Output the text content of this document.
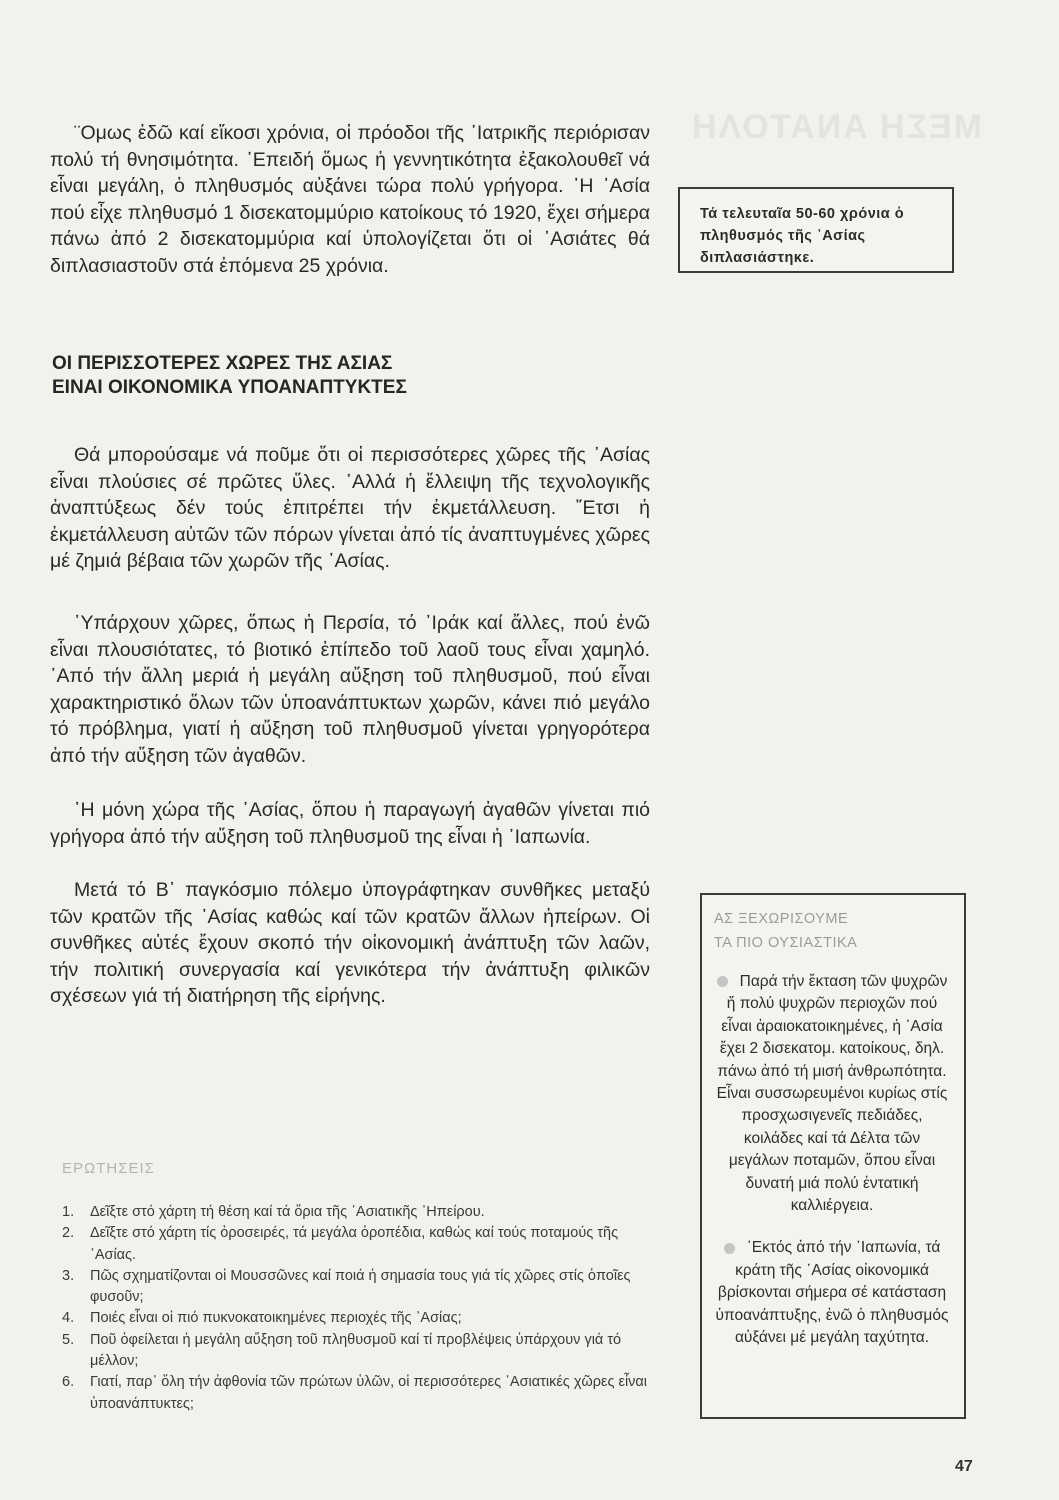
ΜΕΣΗ ΑΝΑΤΟΛΗ

¨Ομως ἐδῶ καί εἴκοσι χρόνια, οἱ πρόοδοι τῆς ᾽Ιατρικῆς περιόρισαν πολύ τή θνησιμότητα. ᾽Επειδή ὅμως ἡ γεννητικότητα ἐξακολουθεῖ νά εἶναι μεγάλη, ὁ πληθυσμός αὐξάνει τώρα πολύ γρήγορα. ᾽Η ᾽Ασία πού εἶχε πληθυσμό 1 δισεκατομμύριο κατοίκους τό 1920, ἔχει σήμερα πάνω ἀπό 2 δισεκατομμύρια καί ὑπολογίζεται ὅτι οἱ ᾽Ασιάτες θά διπλασιαστοῦν στά ἐπόμενα 25 χρόνια.

Τά τελευταῖα 50-60 χρόνια ὁ πληθυσμός τῆς ᾽Ασίας διπλασιάστηκε.
ΟΙ ΠΕΡΙΣΣΟΤΕΡΕΣ ΧΩΡΕΣ ΤΗΣ ΑΣΙΑΣ
ΕΙΝΑΙ ΟΙΚΟΝΟΜΙΚΑ ΥΠΟΑΝΑΠΤΥΚΤΕΣ

Θά μπορούσαμε νά ποῦμε ὅτι οἱ περισσότερες χῶρες τῆς ᾽Ασίας εἶναι πλούσιες σέ πρῶτες ὕλες. ᾽Αλλά ἡ ἔλλειψη τῆς τεχνολογικῆς ἀναπτύξεως δέν τούς ἐπιτρέπει τήν ἐκμετάλλευση. ῎Ετσι ἡ ἐκμετάλλευση αὐτῶν τῶν πόρων γίνεται ἀπό τίς ἀναπτυγμένες χῶρες μέ ζημιά βέβαια τῶν χωρῶν τῆς ᾽Ασίας.

῾Υπάρχουν χῶρες, ὅπως ἡ Περσία, τό ᾽Ιράκ καί ἄλλες, πού ἐνῶ εἶναι πλουσιότατες, τό βιοτικό ἐπίπεδο τοῦ λαοῦ τους εἶναι χαμηλό. ᾽Από τήν ἄλλη μεριά ἡ μεγάλη αὔξηση τοῦ πληθυσμοῦ, πού εἶναι χαρακτηριστικό ὅλων τῶν ὑποανάπτυκτων χωρῶν, κάνει πιό μεγάλο τό πρόβλημα, γιατί ἡ αὔξηση τοῦ πληθυσμοῦ γίνεται γρηγορότερα ἀπό τήν αὔξηση τῶν ἀγαθῶν.

῾Η μόνη χώρα τῆς ᾽Ασίας, ὅπου ἡ παραγωγή ἀγαθῶν γίνεται πιό γρήγορα ἀπό τήν αὔξηση τοῦ πληθυσμοῦ της εἶναι ἡ ᾽Ιαπωνία.

Μετά τό Β᾽ παγκόσμιο πόλεμο ὑπογράφτηκαν συνθῆκες μεταξύ τῶν κρατῶν τῆς ᾽Ασίας καθώς καί τῶν κρατῶν ἄλλων ἠπείρων. Οἱ συνθῆκες αὐτές ἔχουν σκοπό τήν οἰκονομική ἀνάπτυξη τῶν λαῶν, τήν πολιτική συνεργασία καί γενικότερα τήν ἀνάπτυξη φιλικῶν σχέσεων γιά τή διατήρηση τῆς εἰρήνης.

ΕΡΩΤΗΣΕΙΣ
1. Δεῖξτε στό χάρτη τή θέση καί τά ὅρια τῆς ᾽Ασιατικῆς ᾽Ηπείρου.
2. Δεῖξτε στό χάρτη τίς ὀροσειρές, τά μεγάλα ὀροπέδια, καθώς καί τούς ποταμούς τῆς ᾽Ασίας.
3. Πῶς σχηματίζονται οἱ Μουσσῶνες καί ποιά ἡ σημασία τους γιά τίς χῶρες στίς ὁποῖες φυσοῦν;
4. Ποιές εἶναι οἱ πιό πυκνοκατοικημένες περιοχές τῆς ᾽Ασίας;
5. Ποῦ ὀφείλεται ἡ μεγάλη αὔξηση τοῦ πληθυσμοῦ καί τί προβλέψεις ὑπάρχουν γιά τό μέλλον;
6. Γιατί, παρ᾽ ὅλη τήν ἀφθονία τῶν πρώτων ὑλῶν, οἱ περισσότερες ᾽Ασιατικές χῶρες εἶναι ὑποανάπτυκτες;
ΑΣ ΞΕΧΩΡΙΣΟΥΜΕ
ΤΑ ΠΙΟ ΟΥΣΙΑΣΤΙΚΑ

Παρά τήν ἔκταση τῶν ψυχρῶν ἤ πολύ ψυχρῶν περιοχῶν πού εἶναι ἀραιοκατοικημένες, ἡ ᾽Ασία ἔχει 2 δισεκατομ. κατοίκους, δηλ. πάνω ἀπό τή μισή ἀνθρωπότητα. Εἶναι συσσωρευμένοι κυρίως στίς προσχωσιγενεῖς πεδιάδες, κοιλάδες καί τά Δέλτα τῶν μεγάλων ποταμῶν, ὅπου εἶναι δυνατή μιά πολύ ἐντατική καλλιέργεια.

᾽Εκτός ἀπό τήν ᾽Ιαπωνία, τά κράτη τῆς ᾽Ασίας οἰκονομικά βρίσκονται σήμερα σέ κατάσταση ὑποανάπτυξης, ἐνῶ ὁ πληθυσμός αὐξάνει μέ μεγάλη ταχύτητα.

47
